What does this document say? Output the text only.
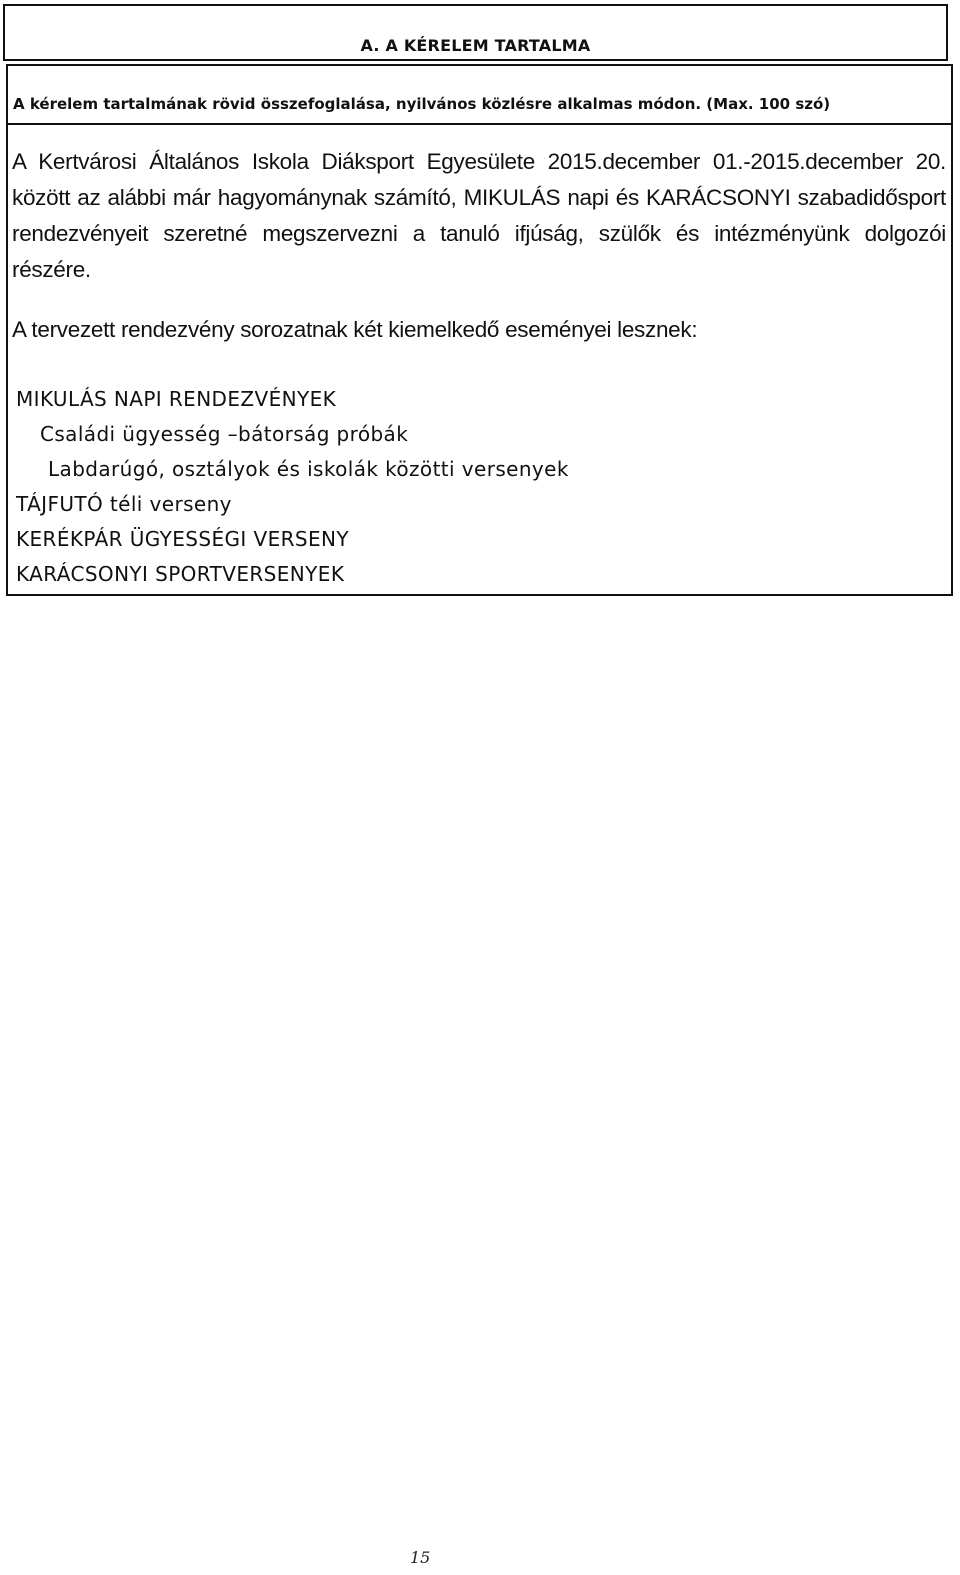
A. A KÉRELEM TARTALMA
A kérelem tartalmának rövid összefoglalása, nyilvános közlésre alkalmas módon. (Max. 100 szó)
A Kertvárosi Általános Iskola Diáksport Egyesülete 2015.december 01.-2015.december 20. között az alábbi már hagyománynak számító, MIKULÁS napi és KARÁCSONYI szabadidősport rendezvényeit szeretné megszervezni a tanuló ifjúság, szülők és intézményünk dolgozói részére.
A tervezett rendezvény sorozatnak két kiemelkedő eseményei lesznek:
MIKULÁS NAPI RENDEZVÉNYEK
Családi ügyesség –bátorság próbák
Labdarúgó, osztályok és iskolák közötti versenyek
TÁJFUTÓ téli verseny
KERÉKPÁR ÜGYESSÉGI VERSENY
KARÁCSONYI SPORTVERSENYEK
15
